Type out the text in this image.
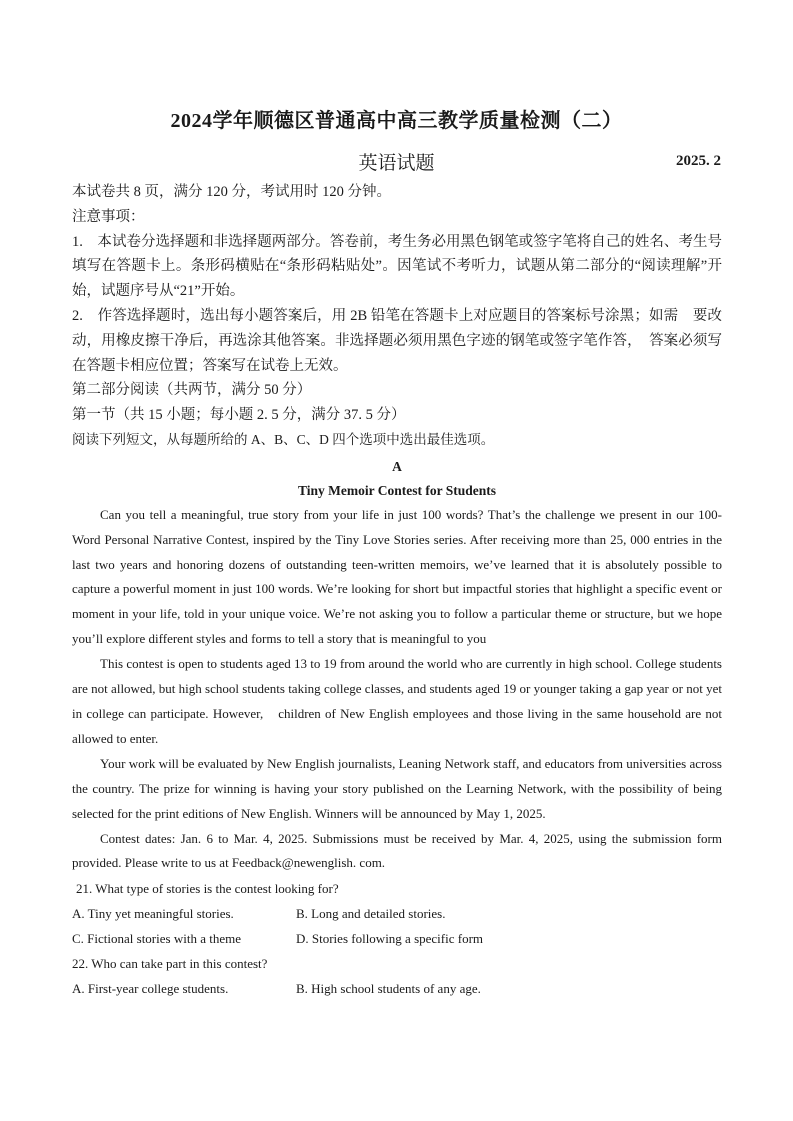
2024学年顺德区普通高中高三教学质量检测（二）
英语试题	2025. 2

本试卷共 8 页，满分 120 分，考试用时 120 分钟。

注意事项：

1.　本试卷分选择题和非选择题两部分。答卷前，考生务必用黑色钢笔或签字笔将自己的姓名、考生号填写在答题卡上。条形码横贴在“条形码粘贴处”。因笔试不考听力，试题从第二部分的“阅读理解”开始，试题序号从“21”开始。

2.　作答选择题时，选出每小题答案后，用 2B 铅笔在答题卡上对应题目的答案标号涂黑；如需　要改动，用橡皮擦干净后，再选涂其他答案。非选择题必须用黑色字迹的钢笔或签字笔作答，　答案必须写在答题卡相应位置；答案写在试卷上无效。

第二部分阅读（共两节，满分 50 分）

第一节（共 15 小题；每小题 2. 5 分，满分 37. 5 分）

阅读下列短文，从每题所给的 A、B、C、D 四个选项中选出最佳选项。

A

Tiny Memoir Contest for Students

Can you tell a meaningful, true story from your life in just 100 words? That’s the challenge we present in our 100-Word Personal Narrative Contest, inspired by the Tiny Love Stories series. After receiving more than 25, 000 entries in the last two years and honoring dozens of outstanding teen-written memoirs, we’ve learned that it is absolutely possible to capture a powerful moment in just 100 words. We’re looking for short but impactful stories that highlight a specific event or moment in your life, told in your unique voice. We’re not asking you to follow a particular theme or structure, but we hope you’ll explore different styles and forms to tell a story that is meaningful to you

This contest is open to students aged 13 to 19 from around the world who are currently in high school. College students are not allowed, but high school students taking college classes, and students aged 19 or younger taking a gap year or not yet in college can participate. However,　children of New English employees and those living in the same household are not allowed to enter.

Your work will be evaluated by New English journalists, Leaning Network staff, and educators from universities across the country. The prize for winning is having your story published on the Learning Network, with the possibility of being selected for the print editions of New English. Winners will be announced by May 1, 2025.

Contest dates: Jan. 6 to Mar. 4, 2025. Submissions must be received by Mar. 4, 2025, using the submission form provided. Please write to us at Feedback@newenglish. com.

21. What type of stories is the contest looking for?

A. Tiny yet meaningful stories.	B. Long and detailed stories.
C. Fictional stories with a theme	D. Stories following a specific form

22. Who can take part in this contest?

A. First-year college students.	B. High school students of any age.
